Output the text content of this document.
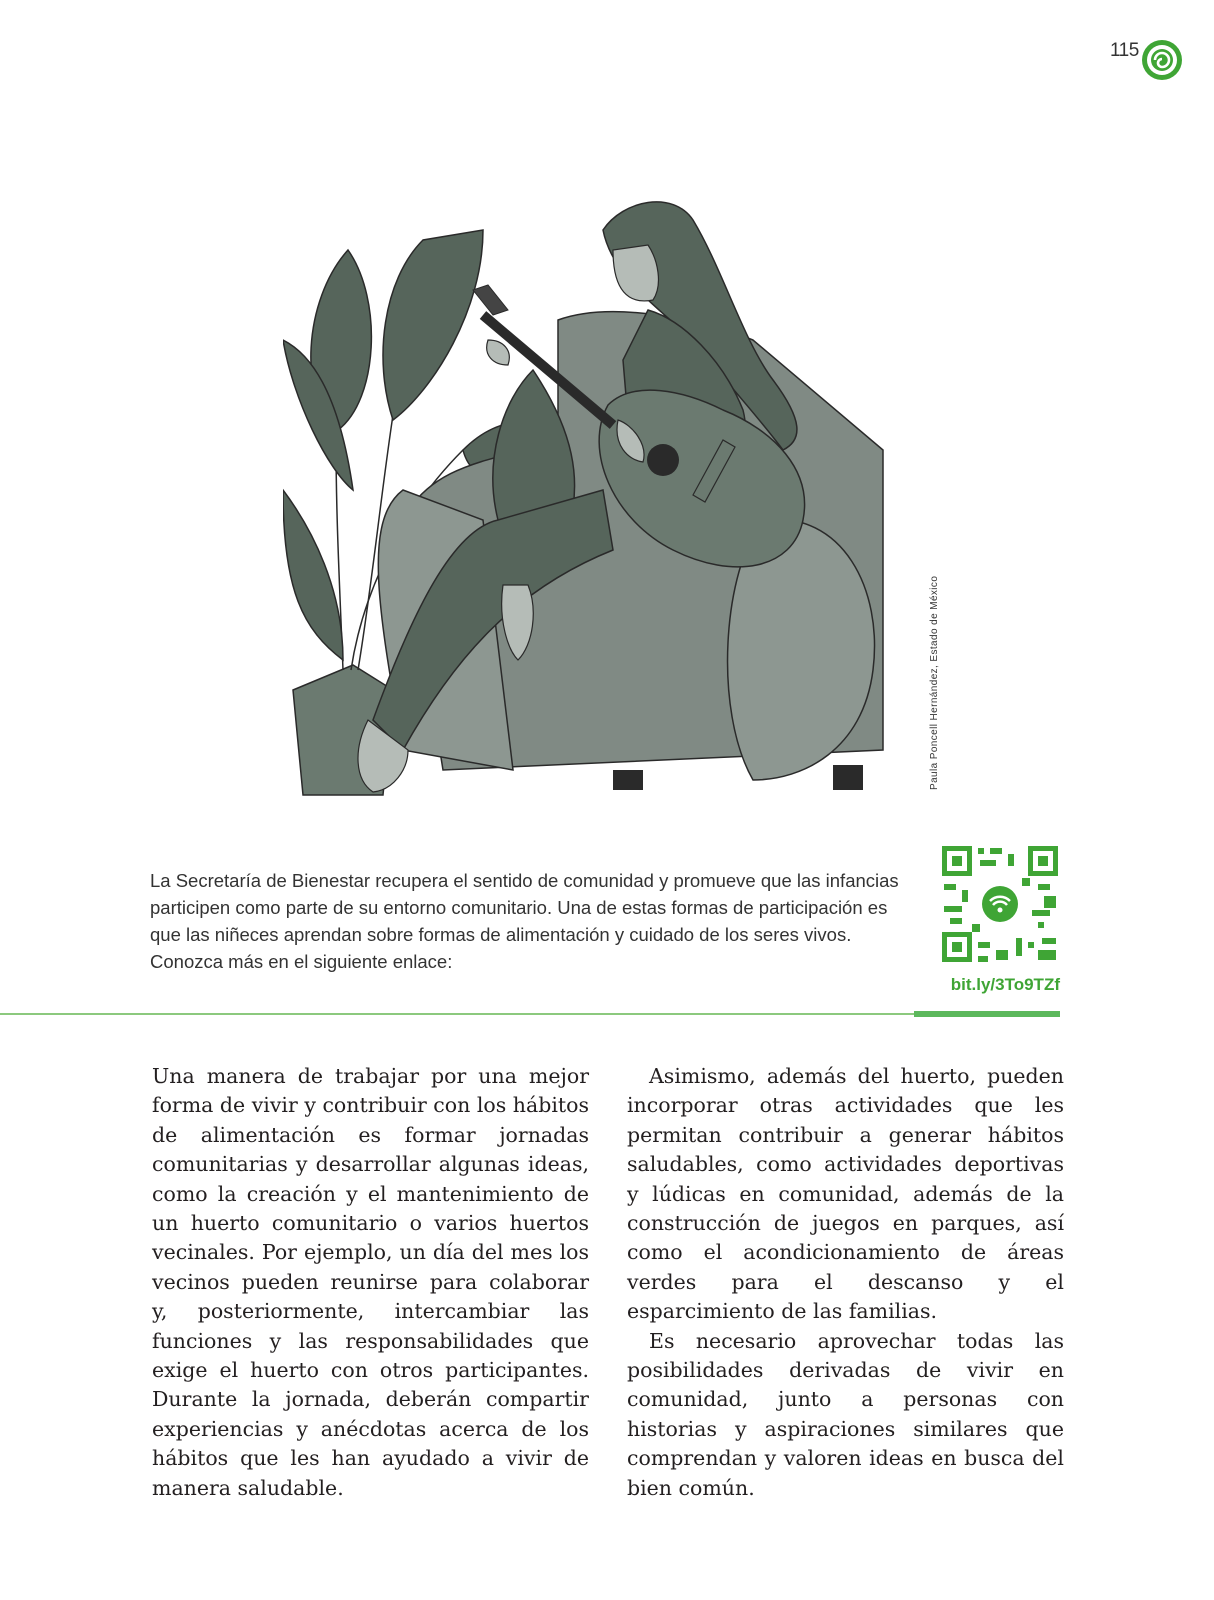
115
Paula Poncell Hernández, Estado de México
La Secretaría de Bienestar recupera el sentido de comunidad y promueve que las infancias participen como parte de su entorno comunitario. Una de estas formas de participación es que las niñeces aprendan sobre formas de alimentación y cuidado de los seres vivos. Conozca más en el siguiente enlace:
bit.ly/3To9TZf

Una manera de trabajar por una mejor forma de vivir y contribuir con los hábitos de alimentación es formar jornadas comunitarias y desarrollar algunas ideas, como la creación y el mantenimiento de un huerto comunitario o varios huertos vecinales. Por ejemplo, un día del mes los vecinos pueden reunirse para colaborar y, posteriormente, intercambiar las funciones y las responsabilidades que exige el huerto con otros participantes. Durante la jornada, deberán compartir experiencias y anécdotas acerca de los hábitos que les han ayudado a vivir de manera saludable.

Asimismo, además del huerto, pueden incorporar otras actividades que les permitan contribuir a generar hábitos saludables, como actividades deportivas y lúdicas en comunidad, además de la construcción de juegos en parques, así como el acondicionamiento de áreas verdes para el descanso y el esparcimiento de las familias.

Es necesario aprovechar todas las posibilidades derivadas de vivir en comunidad, junto a personas con historias y aspiraciones similares que comprendan y valoren ideas en busca del bien común.
